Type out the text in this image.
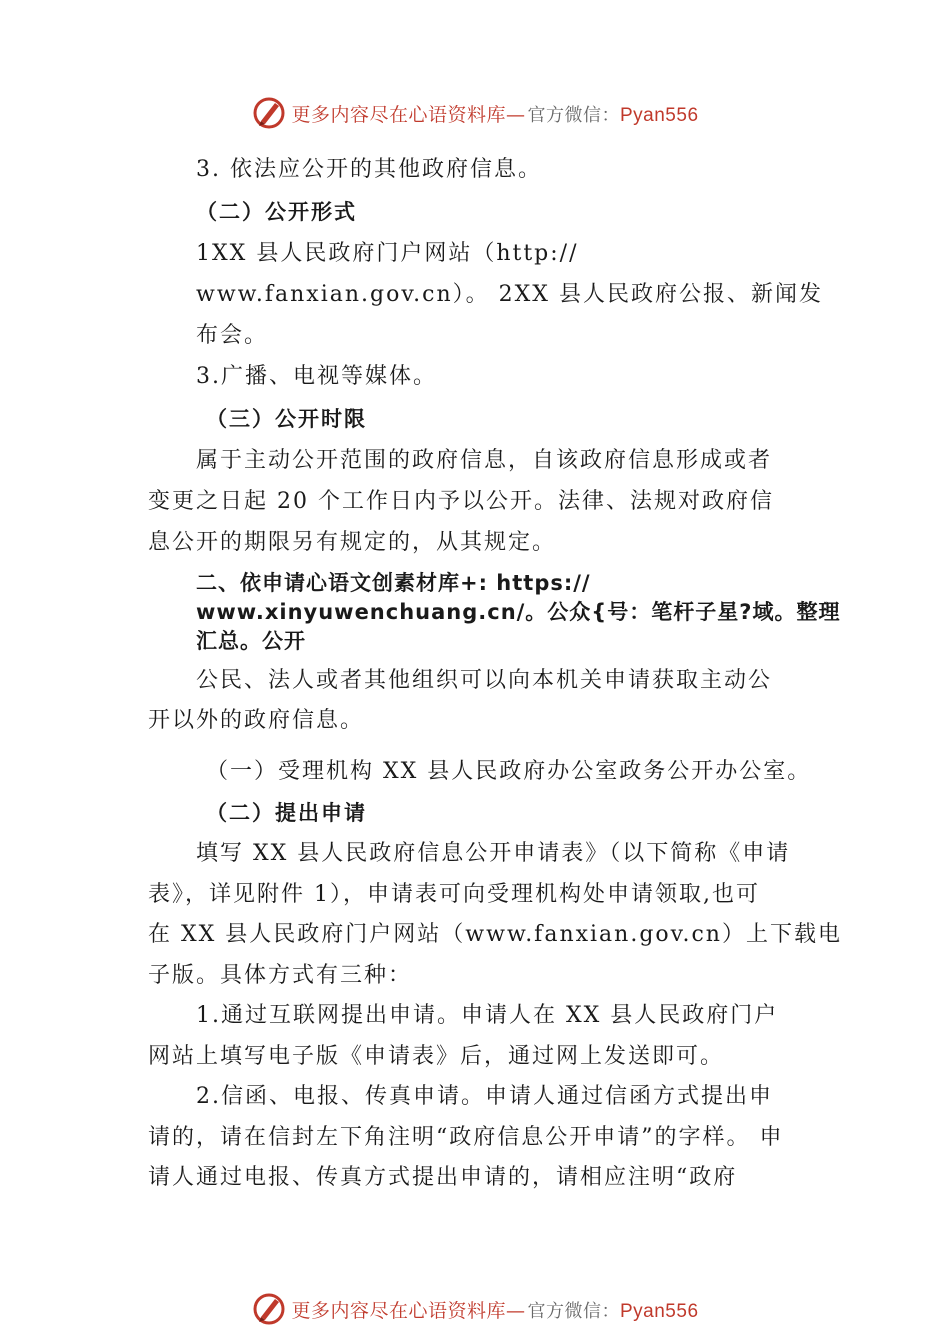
更多内容尽在心语资料库— 官方微信：Pyan556
3. 依法应公开的其他政府信息。
（二）公开形式
1XX 县人民政府门户网站（http://
www.fanxian.gov.cn）。 2XX 县人民政府公报、新闻发
布会。
3.广播、电视等媒体。
（三）公开时限
属于主动公开范围的政府信息，自该政府信息形成或者
变更之日起 20 个工作日内予以公开。法律、法规对政府信
息公开的期限另有规定的，从其规定。
二、依申请心语文创素材库+: https://
www.xinyuwenchuang.cn/。公众{号：笔杆子星?域。整理
汇总。公开
公民、法人或者其他组织可以向本机关申请获取主动公
开以外的政府信息。
（一）受理机构 XX 县人民政府办公室政务公开办公室。
（二）提出申请
填写 XX 县人民政府信息公开申请表》（以下简称《申请
表》，详见附件 1），申请表可向受理机构处申请领取,也可
在 XX 县人民政府门户网站（www.fanxian.gov.cn）上下载电
子版。具体方式有三种：
1.通过互联网提出申请。申请人在 XX 县人民政府门户
网站上填写电子版《申请表》后，通过网上发送即可。
2.信函、电报、传真申请。申请人通过信函方式提出申
请的，请在信封左下角注明“政府信息公开申请”的字样。 申
请人通过电报、传真方式提出申请的，请相应注明“政府
更多内容尽在心语资料库— 官方微信：Pyan556
